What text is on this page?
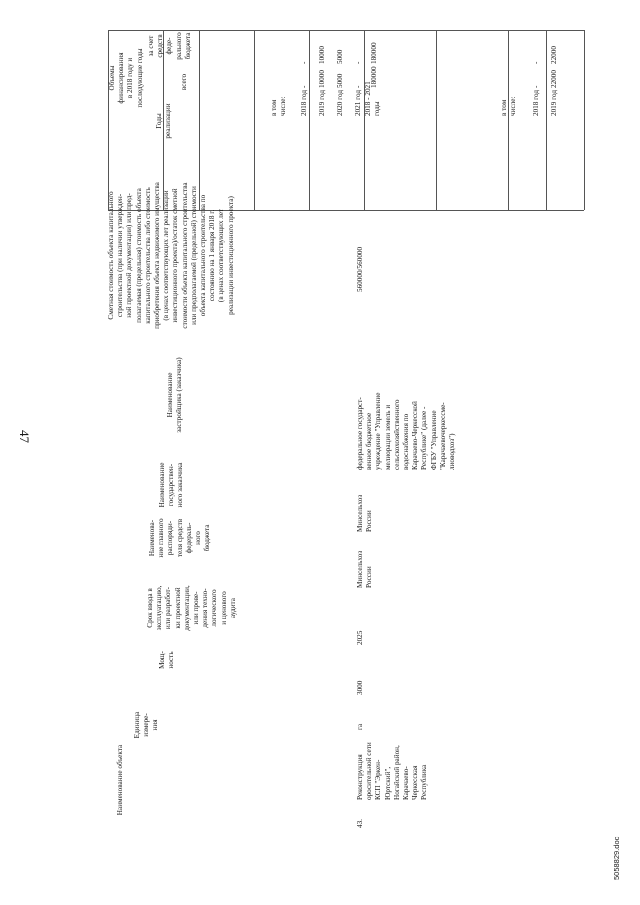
47
Наименование объекта
Единица
измере-
ния
Мощ-
ность
Срок ввода в
эксплуатацию,
или разработ-
ки проектной
документации,
или прове-
дения техно-
логического
и ценового
аудита
Наименова-
ние главного
распоряди-
теля средств
федераль-
ного
бюджета
Наименование
государствен-
ного заказчика
Наименование
застройщика (заказчика)
Сметная стоимость объекта капитального
строительства (при наличии утвержден-
ной проектной документации) или пред-
полагаемая (предельная) стоимость объекта
капитального строительства либо стоимость
приобретения объекта недвижимого имущества
(в ценах соответствующих лет реализации
инвестиционного проекта)/остаток сметной
стоимости объекта капитального строительства
или предполагаемой (предельной) стоимости
объекта капитального строительства по
состоянию на 1 января 2018 г.
(в ценах соответствующих лет
реализации инвестиционного проекта)
Годы
реализации
Объемы
финансирования
в 2018 году и
последующие годы
всего
за счет
средств
феде-
рального
бюджета
43.
Реконструкция
оросительной сети
КСП "Эркен-
Юртский",
Ногайский район,
Карачаево-
Черкесская
Республика
га
3000
2025
Минсельхоз
России
Минсельхоз
России
федеральное государст-
венное бюджетное
учреждение "Управление
мелиорации земель и
сельскохозяйственного
водоснабжения по
Карачаево-Черкесской
Республике" (далее -
ФГБУ "Управление
"Карачаевочеркессме-
лиоводхоз")
560000/560000
в том
числе: 2018 год 2019 год 2020 год 2021 год 2018 - 2021
годы
- 10000 5000 - 180000
- 10000 5000 - 180000
в том
числе: 2018 год 2019 год
- 22000
- 22000
5058829.doc
